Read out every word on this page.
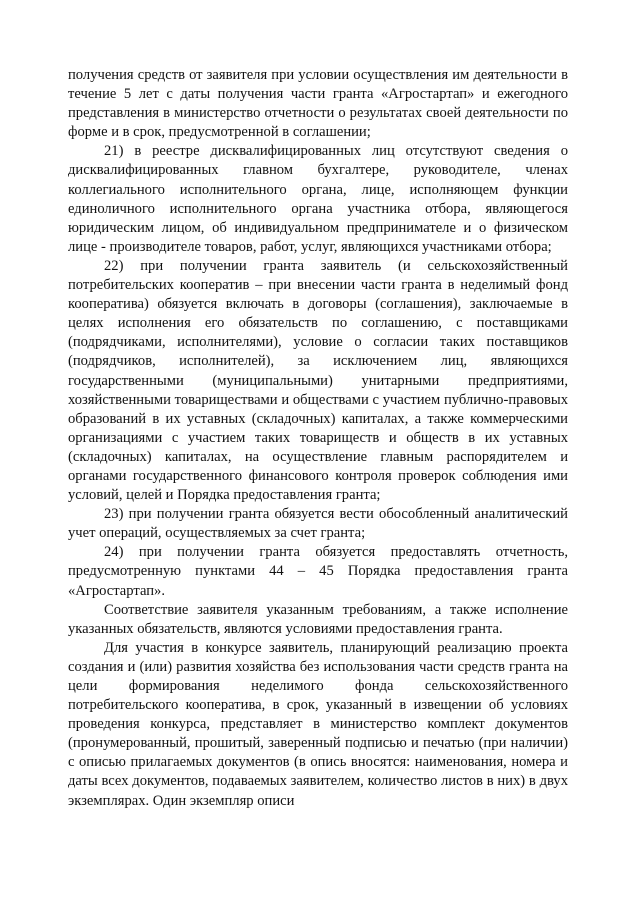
получения средств от заявителя при условии осуществления им деятельности в течение 5 лет с даты получения части гранта «Агростартап» и ежегодного представления в министерство отчетности о результатах своей деятельности по форме и в срок, предусмотренной в соглашении;

21) в реестре дисквалифицированных лиц отсутствуют сведения о дисквалифицированных главном бухгалтере, руководителе, членах коллегиального исполнительного органа, лице, исполняющем функции единоличного исполнительного органа участника отбора, являющегося юридическим лицом, об индивидуальном предпринимателе и о физическом лице - производителе товаров, работ, услуг, являющихся участниками отбора;

22) при получении гранта заявитель (и сельскохозяйственный потребительских кооператив – при внесении части гранта в неделимый фонд кооператива) обязуется включать в договоры (соглашения), заключаемые в целях исполнения его обязательств по соглашению, с поставщиками (подрядчиками, исполнителями), условие о согласии таких поставщиков (подрядчиков, исполнителей), за исключением лиц, являющихся государственными (муниципальными) унитарными предприятиями, хозяйственными товариществами и обществами с участием публично-правовых образований в их уставных (складочных) капиталах, а также коммерческими организациями с участием таких товариществ и обществ в их уставных (складочных) капиталах, на осуществление главным распорядителем и органами государственного финансового контроля проверок соблюдения ими условий, целей и Порядка предоставления гранта;

23) при получении гранта обязуется вести обособленный аналитический учет операций, осуществляемых за счет гранта;

24) при получении гранта обязуется предоставлять отчетность, предусмотренную пунктами 44 – 45 Порядка предоставления гранта «Агростартап».

Соответствие заявителя указанным требованиям, а также исполнение указанных обязательств, являются условиями предоставления гранта.

Для участия в конкурсе заявитель, планирующий реализацию проекта создания и (или) развития хозяйства без использования части средств гранта на цели формирования неделимого фонда сельскохозяйственного потребительского кооператива, в срок, указанный в извещении об условиях проведения конкурса, представляет в министерство комплект документов (пронумерованный, прошитый, заверенный подписью и печатью (при наличии) с описью прилагаемых документов (в опись вносятся: наименования, номера и даты всех документов, подаваемых заявителем, количество листов в них) в двух экземплярах. Один экземпляр описи
